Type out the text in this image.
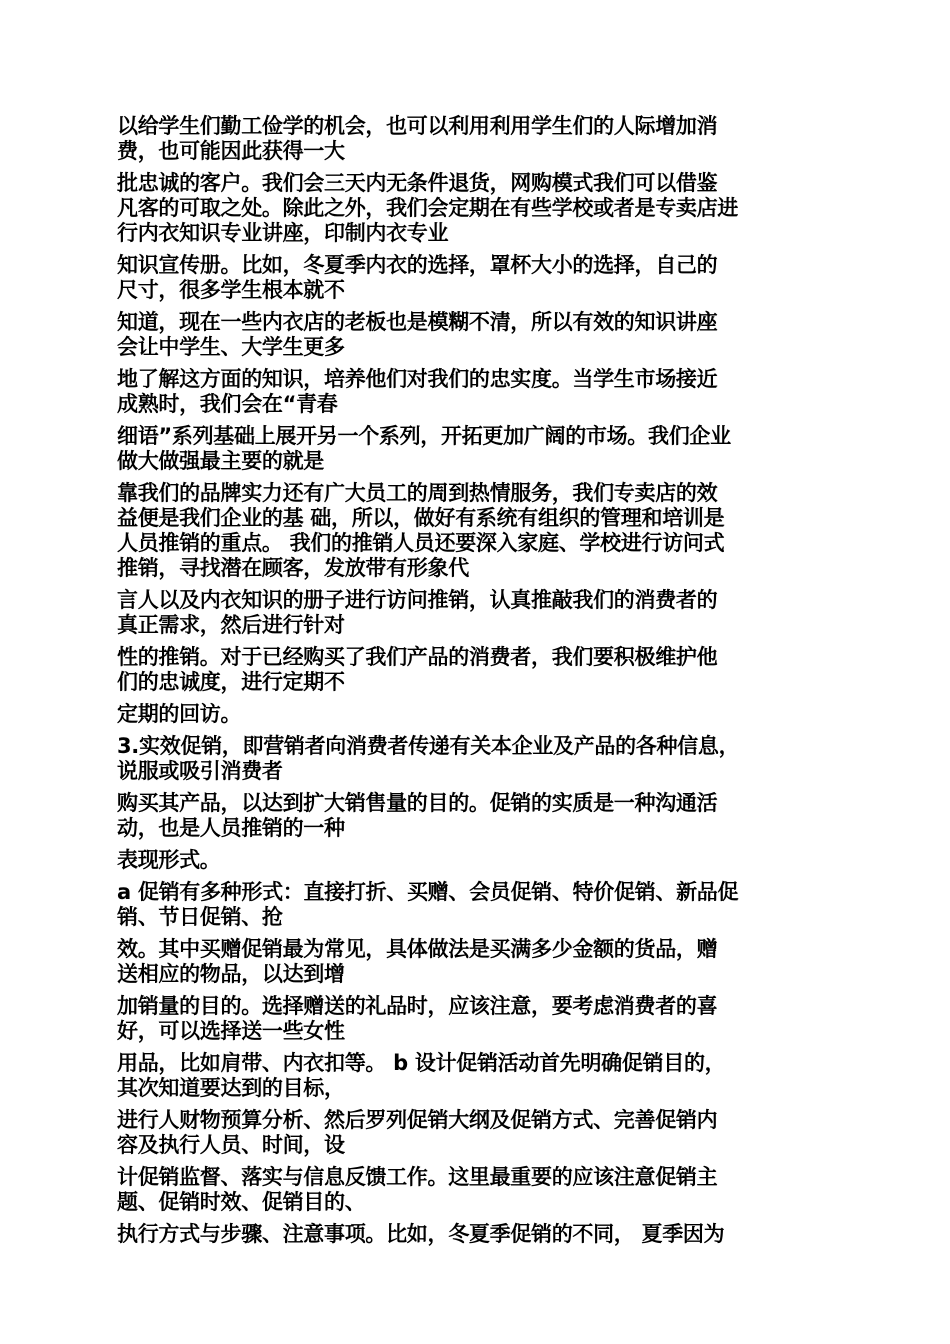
以给学生们勤工俭学的机会，也可以利用利用学生们的人际增加消
费，也可能因此获得一大
批忠诚的客户。我们会三天内无条件退货，网购模式我们可以借鉴
凡客的可取之处。除此之外，我们会定期在有些学校或者是专卖店进
行内衣知识专业讲座，印制内衣专业
知识宣传册。比如，冬夏季内衣的选择，罩杯大小的选择，自己的
尺寸，很多学生根本就不
知道，现在一些内衣店的老板也是模糊不清，所以有效的知识讲座
会让中学生、大学生更多
地了解这方面的知识，培养他们对我们的忠实度。当学生市场接近
成熟时，我们会在“青春
细语”系列基础上展开另一个系列，开拓更加广阔的市场。我们企业
做大做强最主要的就是
靠我们的品牌实力还有广大员工的周到热情服务，我们专卖店的效
益便是我们企业的基 础，所以，做好有系统有组织的管理和培训是
人员推销的重点。 我们的推销人员还要深入家庭、学校进行访问式
推销，寻找潜在顾客，发放带有形象代
言人以及内衣知识的册子进行访问推销，认真推敲我们的消费者的
真正需求，然后进行针对
性的推销。对于已经购买了我们产品的消费者，我们要积极维护他
们的忠诚度，进行定期不
定期的回访。
3.实效促销，即营销者向消费者传递有关本企业及产品的各种信息，
说服或吸引消费者
购买其产品，以达到扩大销售量的目的。促销的实质是一种沟通活
动，也是人员推销的一种
表现形式。
a 促销有多种形式：直接打折、买赠、会员促销、特价促销、新品促
销、节日促销、抢
效。其中买赠促销最为常见，具体做法是买满多少金额的货品，赠
送相应的物品，以达到增
加销量的目的。选择赠送的礼品时，应该注意，要考虑消费者的喜
好，可以选择送一些女性
用品，比如肩带、内衣扣等。 b 设计促销活动首先明确促销目的，
其次知道要达到的目标，
进行人财物预算分析、然后罗列促销大纲及促销方式、完善促销内
容及执行人员、时间，设
计促销监督、落实与信息反馈工作。这里最重要的应该注意促销主
题、促销时效、促销目的、
执行方式与步骤、注意事项。比如，冬夏季促销的不同， 夏季因为
